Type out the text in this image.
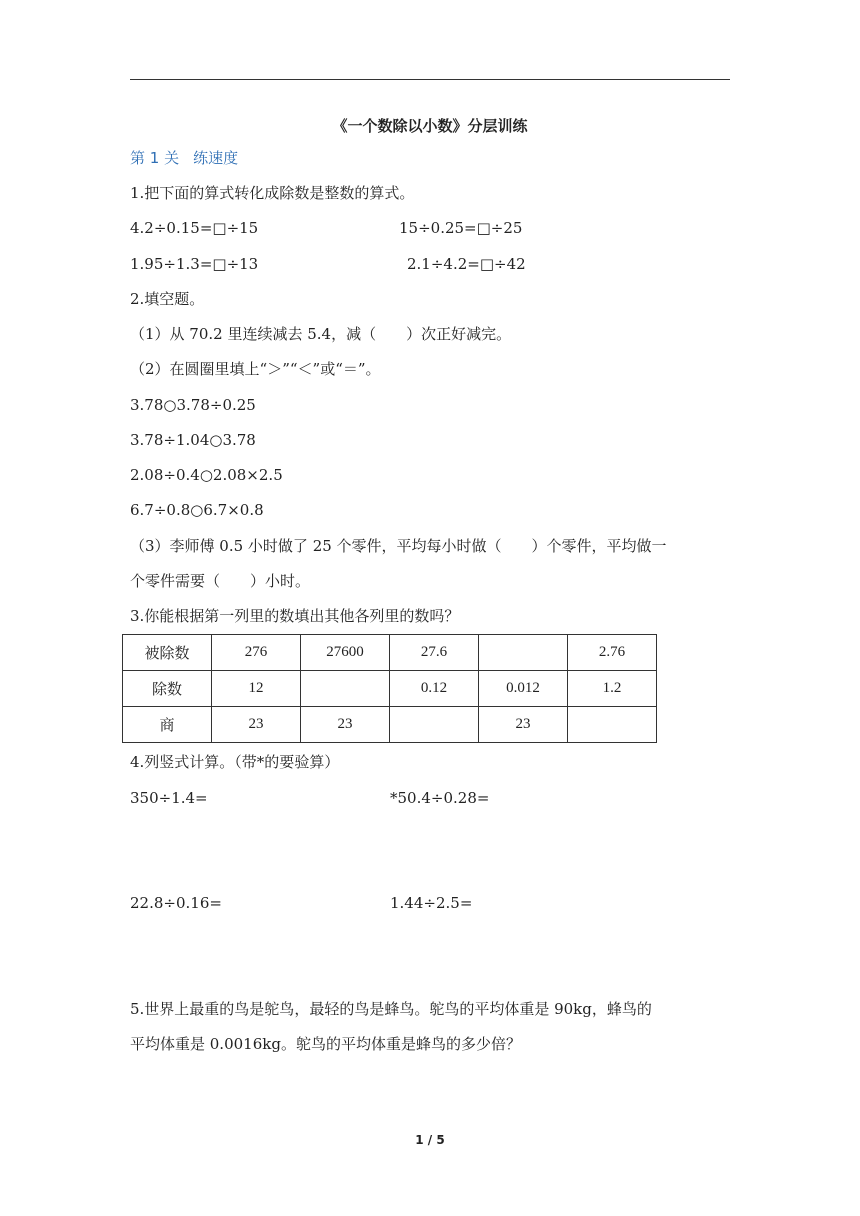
《一个数除以小数》分层训练
第 1 关 练速度
1.把下面的算式转化成除数是整数的算式。
4.2÷0.15=□÷15	15÷0.25=□÷25
1.95÷1.3=□÷13	2.1÷4.2=□÷42
2.填空题。
（1）从 70.2 里连续减去 5.4，减（　　）次正好减完。
（2）在圆圈里填上“＞”“＜”或“＝”。
3.78○3.78÷0.25
3.78÷1.04○3.78
2.08÷0.4○2.08×2.5
6.7÷0.8○6.7×0.8
（3）李师傅 0.5 小时做了 25 个零件，平均每小时做（　　）个零件，平均做一
个零件需要（　　）小时。
3.你能根据第一列里的数填出其他各列里的数吗？
被除数	276	27600	27.6		2.76
除数	12		0.12	0.012	1.2
商	23	23		23	
4.列竖式计算。（带*的要验算）
350÷1.4=	*50.4÷0.28=
22.8÷0.16=	1.44÷2.5=
5.世界上最重的鸟是鸵鸟，最轻的鸟是蜂鸟。鸵鸟的平均体重是 90kg，蜂鸟的
平均体重是 0.0016kg。鸵鸟的平均体重是蜂鸟的多少倍？
1 / 5
